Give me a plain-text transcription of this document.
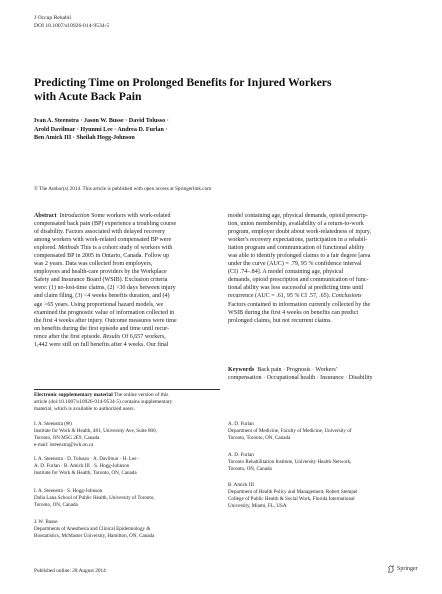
J Occup Rehabil
DOI 10.1007/s10926-014-9534-5
Predicting Time on Prolonged Benefits for Injured Workers
with Acute Back Pain
Ivan A. Steenstra · Jason W. Busse · David Tolusso ·
Arold Davilmar · Hyunmi Lee · Andrea D. Furlan ·
Ben Amick III · Sheilah Hogg-Johnson
© The Author(s) 2014. This article is published with open access at Springerlink.com
Abstract Introduction Some workers with work-related
compensated back pain (BP) experience a troubling course
of disability. Factors associated with delayed recovery
among workers with work-related compensated BP were
explored. Methods This is a cohort study of workers with
compensated BP in 2005 in Ontario, Canada. Follow up
was 2 years. Data was collected from employers,
employees and health-care providers by the Workplace
Safety and Insurance Board (WSIB). Exclusion criteria
were: (1) no-lost-time claims, (2) >30 days between injury
and claim filing, (3) <4 weeks benefits duration, and (4)
age >65 years. Using proportional hazard models, we
examined the prognostic value of information collected in
the first 4 weeks after injury. Outcome measures were time
on benefits during the first episode and time until recur-
rence after the first episode. Results Of 6,657 workers,
1,442 were still on full benefits after 4 weeks. Our final
model containing age, physical demands, opioid prescrip-
tion, union membership, availability of a return-to-work
program, employer doubt about work-relatedness of injury,
worker's recovery expectations, participation in a rehabil-
itation program and communication of functional ability
was able to identify prolonged claims to a fair degree [area
under the curve (AUC) = .79, 95 % confidence interval
(CI) .74–.84]. A model containing age, physical
demands, opioid prescription and communication of func-
tional ability was less successful at predicting time until
recurrence (AUC = .61, 95 % CI .57, .65). Conclusions
Factors contained in information currently collected by the
WSIB during the first 4 weeks on benefits can predict
prolonged claims, but not recurrent claims.
Keywords Back pain · Prognosis · Workers'
compensation · Occupational health · Insurance · Disability
Electronic supplementary material The online version of this
article (doi:10.1007/s10926-014-9534-5) contains supplementary
material, which is available to authorized users.
I. A. Steenstra (✉)
Institute for Work & Health, 481, University Ave, Suite 800,
Toronto, ON M5G 2E9, Canada
e-mail: isteenstra@iwh.on.ca
I. A. Steenstra · D. Tolusso · A. Davilmar · H. Lee ·
A. D. Furlan · B. Amick III · S. Hogg-Johnson
Institute for Work & Health, Toronto, ON, Canada
I. A. Steenstra · S. Hogg-Johnson
Dalla Lana School of Public Health, University of Toronto,
Toronto, ON, Canada
J. W. Busse
Departments of Anesthesia and Clinical Epidemiology &
Biostatistics, McMaster University, Hamilton, ON, Canada
A. D. Furlan
Department of Medicine, Faculty of Medicine, University of
Toronto, Toronto, ON, Canada
A. D. Furlan
Toronto Rehabilitation Institute, University Health Network,
Toronto, ON, Canada
B. Amick III
Department of Health Policy and Management, Robert Stempel
College of Public Health & Social Work, Florida International
University, Miami, FL, USA
Published online: 28 August 2014	Springer
